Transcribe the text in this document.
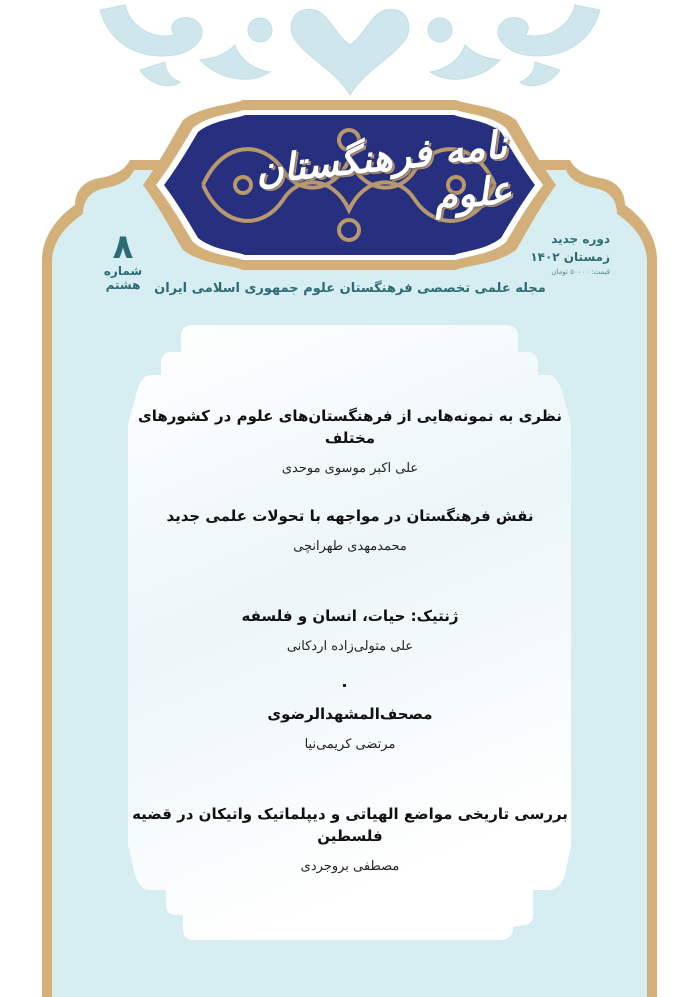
نامه فرهنگستان علوم
۸
شماره هشتم
دوره جدید
زمستان ۱۴۰۲
قیمت: ۵۰۰۰۰ تومان
مجله علمی تخصصی فرهنگستان علوم جمهوری اسلامی ایران
نظری به نمونه‌هایی از فرهنگستان‌های علوم در کشورهای مختلف
علی اکبر موسوی موحدی
نقش فرهنگستان در مواجهه با تحولات علمی جدید
محمدمهدی طهرانچی
ژنتیک: حیات، انسان و فلسفه
علی متولی‌زاده اردکانی
مصحف‌المشهدالرضوی
مرتضی کریمی‌نیا
بررسی تاریخی مواضع الهیاتی و دیپلماتیک واتیکان در قضیه فلسطین
مصطفی بروجردی
